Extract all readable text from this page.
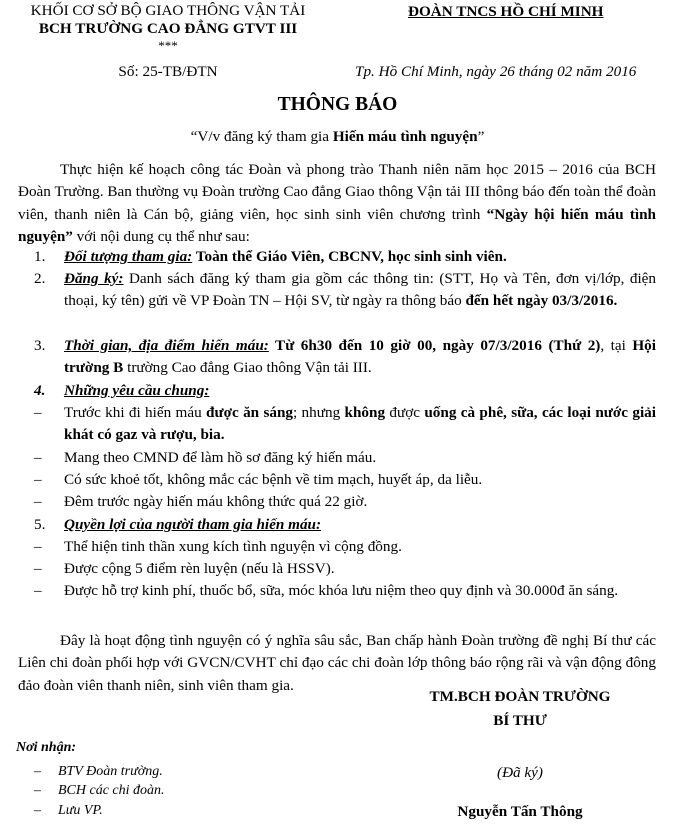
KHỐI CƠ SỞ BỘ GIAO THÔNG VẬN TẢI
BCH TRƯỜNG CAO ĐẲNG GTVT III
***
Số: 25-TB/ĐTN
ĐOÀN TNCS HỒ CHÍ MINH
Tp. Hồ Chí Minh, ngày 26 tháng 02 năm 2016
THÔNG BÁO
“V/v đăng ký tham gia Hiến máu tình nguyện”
Thực hiện kế hoạch công tác Đoàn và phong trào Thanh niên năm học 2015 – 2016 của BCH Đoàn Trường. Ban thường vụ Đoàn trường Cao đẳng Giao thông Vận tải III thông báo đến toàn thể đoàn viên, thanh niên là Cán bộ, giảng viên, học sinh sinh viên chương trình “Ngày hội hiến máu tình nguyện” với nội dung cụ thể như sau:
1. Đối tượng tham gia: Toàn thể Giáo Viên, CBCNV, học sinh sinh viên.
2. Đăng ký: Danh sách đăng ký tham gia gồm các thông tin: (STT, Họ và Tên, đơn vị/lớp, điện thoại, ký tên) gửi về VP Đoàn TN – Hội SV, từ ngày ra thông báo đến hết ngày 03/3/2016.
3. Thời gian, địa điểm hiến máu: Từ 6h30 đến 10 giờ 00, ngày 07/3/2016 (Thứ 2), tại Hội trường B trường Cao đẳng Giao thông Vận tải III.
4. Những yêu cầu chung:
– Trước khi đi hiến máu được ăn sáng; nhưng không được uống cà phê, sữa, các loại nước giải khát có gaz và rượu, bia.
– Mang theo CMND để làm hồ sơ đăng ký hiến máu.
– Có sức khoẻ tốt, không mắc các bệnh về tim mạch, huyết áp, da liễu.
– Đêm trước ngày hiến máu không thức quá 22 giờ.
5. Quyền lợi của người tham gia hiến máu:
– Thể hiện tinh thần xung kích tình nguyện vì cộng đồng.
– Được cộng 5 điểm rèn luyện (nếu là HSSV).
– Được hỗ trợ kinh phí, thuốc bổ, sữa, móc khóa lưu niệm theo quy định và 30.000đ ăn sáng.
Đây là hoạt động tình nguyện có ý nghĩa sâu sắc, Ban chấp hành Đoàn trường đề nghị Bí thư các Liên chi đoàn phối hợp với GVCN/CVHT chỉ đạo các chi đoàn lớp thông báo rộng rãi và vận động đông đảo đoàn viên thanh niên, sinh viên tham gia.
TM.BCH ĐOÀN TRƯỜNG
BÍ THƯ
(Đã ký)
Nguyễn Tấn Thông
Nơi nhận:
– BTV Đoàn trường.
– BCH các chi đoàn.
– Lưu VP.
